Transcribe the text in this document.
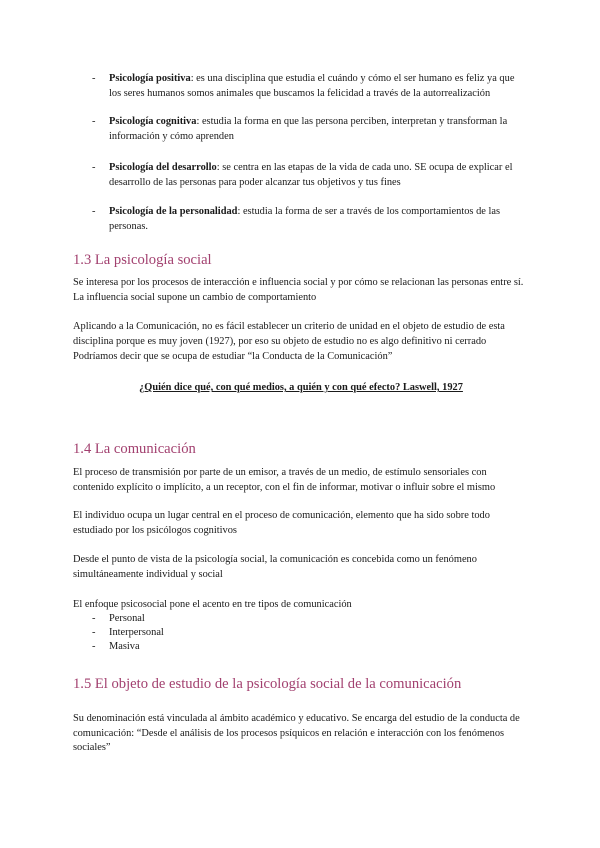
- Psicología positiva: es una disciplina que estudia el cuándo y cómo el ser humano es feliz ya que los seres humanos somos animales que buscamos la felicidad a través de la autorrealización
- Psicología cognitiva: estudia la forma en que las persona perciben, interpretan y transforman la información y cómo aprenden
- Psicología del desarrollo: se centra en las etapas de la vida de cada uno. SE ocupa de explicar el desarrollo de las personas para poder alcanzar tus objetivos y tus fines
- Psicología de la personalidad: estudia la forma de ser a través de los comportamientos de las personas.
1.3 La psicología social
Se interesa por los procesos de interacción e influencia social y por cómo se relacionan las personas entre sí. La influencia social supone un cambio de comportamiento
Aplicando a la Comunicación, no es fácil establecer un criterio de unidad en el objeto de estudio de esta disciplina porque es muy joven (1927), por eso su objeto de estudio no es algo definitivo ni cerrado
Podríamos decir que se ocupa de estudiar “la Conducta de la Comunicación”
¿Quién dice qué, con qué medios, a quién y con qué efecto? Laswell, 1927
1.4 La comunicación
El proceso de transmisión por parte de un emisor, a través de un medio, de estímulo sensoriales con contenido explícito o implícito, a un receptor, con el fin de informar, motivar o influir sobre el mismo
El individuo ocupa un lugar central en el proceso de comunicación, elemento que ha sido sobre todo estudiado por los psicólogos cognitivos
Desde el punto de vista de la psicología social, la comunicación es concebida como un fenómeno simultáneamente individual y social
El enfoque psicosocial pone el acento en tre tipos de comunicación
- Personal
- Interpersonal
- Masiva
1.5 El objeto de estudio de la psicología social de la comunicación
Su denominación está vinculada al ámbito académico y educativo. Se encarga del estudio de la conducta de comunicación: “Desde el análisis de los procesos psíquicos en relación e interacción con los fenómenos sociales”
